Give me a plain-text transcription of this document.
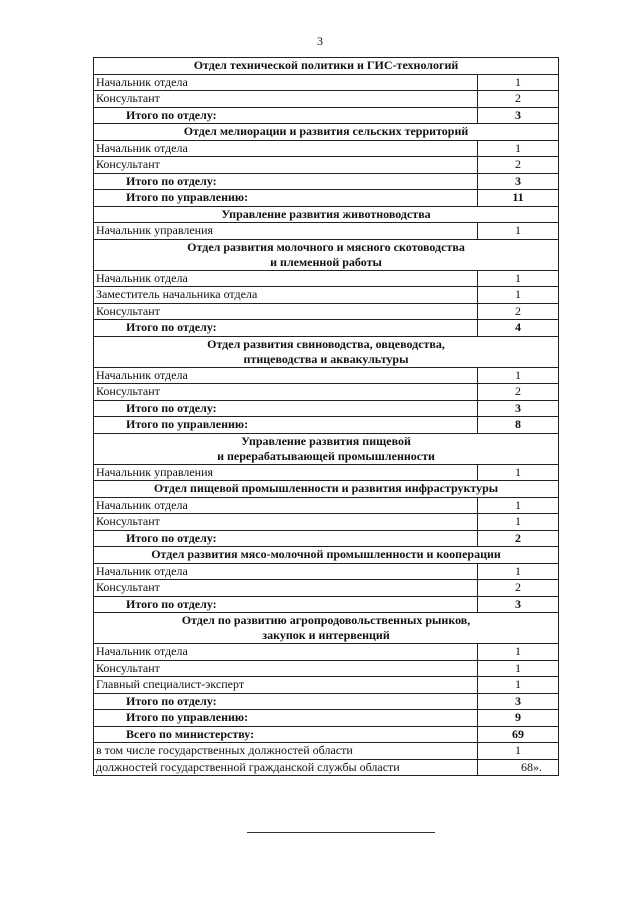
3
Отдел технической политики и ГИС-технологий	
Начальник отдела	1
Консультант	2
Итого по отделу:	3
Отдел мелиорации и развития сельских территорий	
Начальник отдела	1
Консультант	2
Итого по отделу:	3
Итого по управлению:	11
Управление развития животноводства	
Начальник управления	1
Отдел развития молочного и мясного скотоводства
и племенной работы	
Начальник отдела	1
Заместитель начальника отдела	1
Консультант	2
Итого по отделу:	4
Отдел развития свиноводства, овцеводства,
птицеводства и аквакультуры	
Начальник отдела	1
Консультант	2
Итого по отделу:	3
Итого по управлению:	8
Управление развития пищевой
и перерабатывающей промышленности	
Начальник управления	1
Отдел пищевой промышленности и развития инфраструктуры	
Начальник отдела	1
Консультант	1
Итого по отделу:	2
Отдел развития мясо-молочной промышленности и кооперации	
Начальник отдела	1
Консультант	2
Итого по отделу:	3
Отдел по развитию агропродовольственных рынков,
закупок и интервенций	
Начальник отдела	1
Консультант	1
Главный специалист-эксперт	1
Итого по отделу:	3
Итого по управлению:	9
Всего по министерству:	69
в том числе государственных должностей области	1
должностей государственной гражданской службы области	68».
